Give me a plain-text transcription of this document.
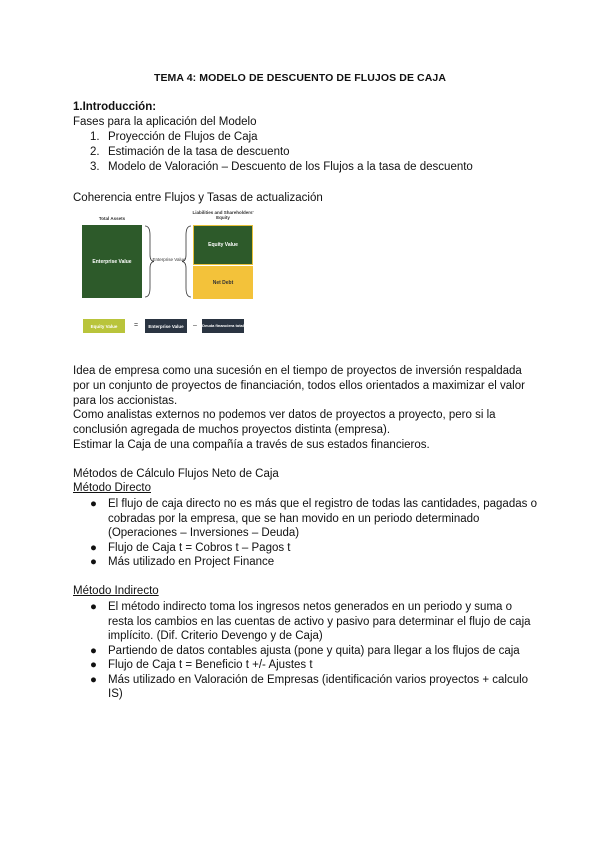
TEMA 4: MODELO DE DESCUENTO DE FLUJOS DE CAJA
1.Introducción:
Fases para la aplicación del Modelo
1. Proyección de Flujos de Caja
2. Estimación de la tasa de descuento
3. Modelo de Valoración – Descuento de los Flujos a la tasa de descuento
Coherencia entre Flujos y Tasas de actualización
Total Assets
Liabilities and Shareholders' Equity
Enterprise Value	Enterprise Value
Equity Value
Net Debt
Equity Value	=	Enterprise Value	– Deuda financiera total
Idea de empresa como una sucesión en el tiempo de proyectos de inversión respaldada por un conjunto de proyectos de financiación, todos ellos orientados a maximizar el valor para los accionistas.
Como analistas externos no podemos ver datos de proyectos a proyecto, pero si la conclusión agregada de muchos proyectos distinta (empresa).
Estimar la Caja de una compañía a través de sus estados financieros.
Métodos de Cálculo Flujos Neto de Caja
Método Directo
● El flujo de caja directo no es más que el registro de todas las cantidades, pagadas o cobradas por la empresa, que se han movido en un periodo determinado (Operaciones – Inversiones – Deuda)
● Flujo de Caja t = Cobros t – Pagos t
● Más utilizado en Project Finance
Método Indirecto
● El método indirecto toma los ingresos netos generados en un periodo y suma o resta los cambios en las cuentas de activo y pasivo para determinar el flujo de caja implícito. (Dif. Criterio Devengo y de Caja)
● Partiendo de datos contables ajusta (pone y quita) para llegar a los flujos de caja
● Flujo de Caja t = Beneficio t +/- Ajustes t
● Más utilizado en Valoración de Empresas (identificación varios proyectos + calculo IS)
